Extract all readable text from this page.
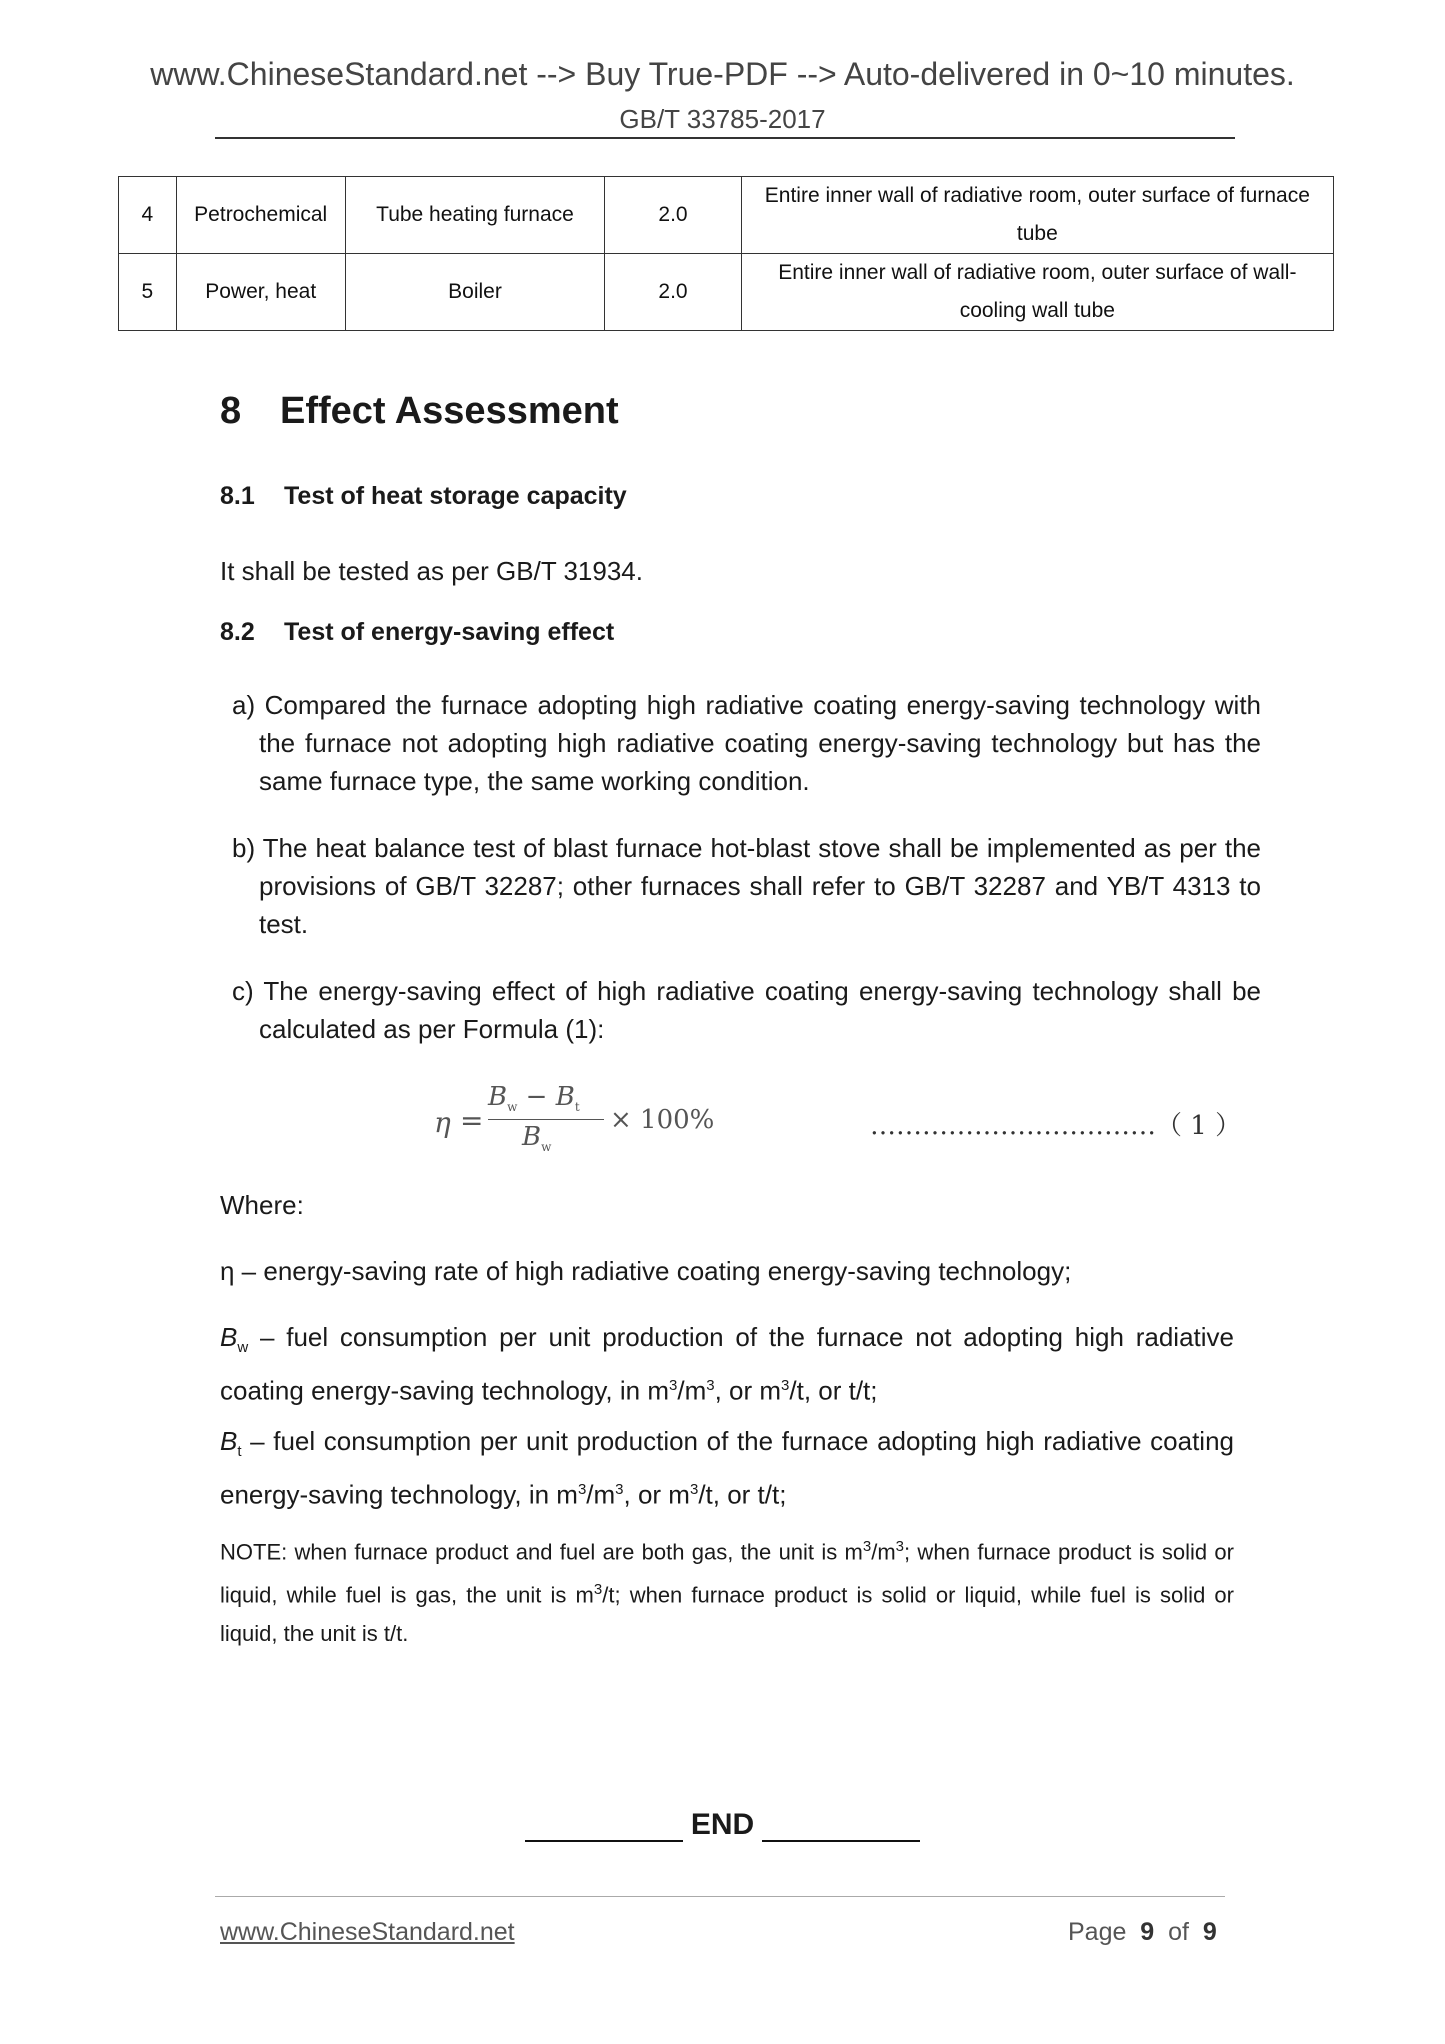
www.ChineseStandard.net --> Buy True-PDF --> Auto-delivered in 0~10 minutes.
GB/T 33785-2017
4	Petrochemical	Tube heating furnace	2.0	Entire inner wall of radiative room, outer surface of furnace tube
5	Power, heat	Boiler	2.0	Entire inner wall of radiative room, outer surface of wall-cooling wall tube
8 Effect Assessment
8.1 Test of heat storage capacity
It shall be tested as per GB/T 31934.
8.2 Test of energy-saving effect
a) Compared the furnace adopting high radiative coating energy-saving technology with the furnace not adopting high radiative coating energy-saving technology but has the same furnace type, the same working condition.
b) The heat balance test of blast furnace hot-blast stove shall be implemented as per the provisions of GB/T 32287; other furnaces shall refer to GB/T 32287 and YB/T 4313 to test.
c) The energy-saving effect of high radiative coating energy-saving technology shall be calculated as per Formula (1):
η =
$B_w - B_t$
$B_w$
× 100%	……………………………（ 1 ）
Where:
η – energy-saving rate of high radiative coating energy-saving technology;
$B_w$ – fuel consumption per unit production of the furnace not adopting high radiative coating energy-saving technology, in $m^3/m^3$, or $m^3/t$, or t/t;
$B_t$ – fuel consumption per unit production of the furnace adopting high radiative coating energy-saving technology, in $m^3/m^3$, or $m^3/t$, or t/t;
NOTE: when furnace product and fuel are both gas, the unit is $m^3/m^3$; when furnace product is solid or liquid, while fuel is gas, the unit is $m^3/t$; when furnace product is solid or liquid, while fuel is solid or liquid, the unit is t/t.
END
www.ChineseStandard.net	Page 9 of 9
